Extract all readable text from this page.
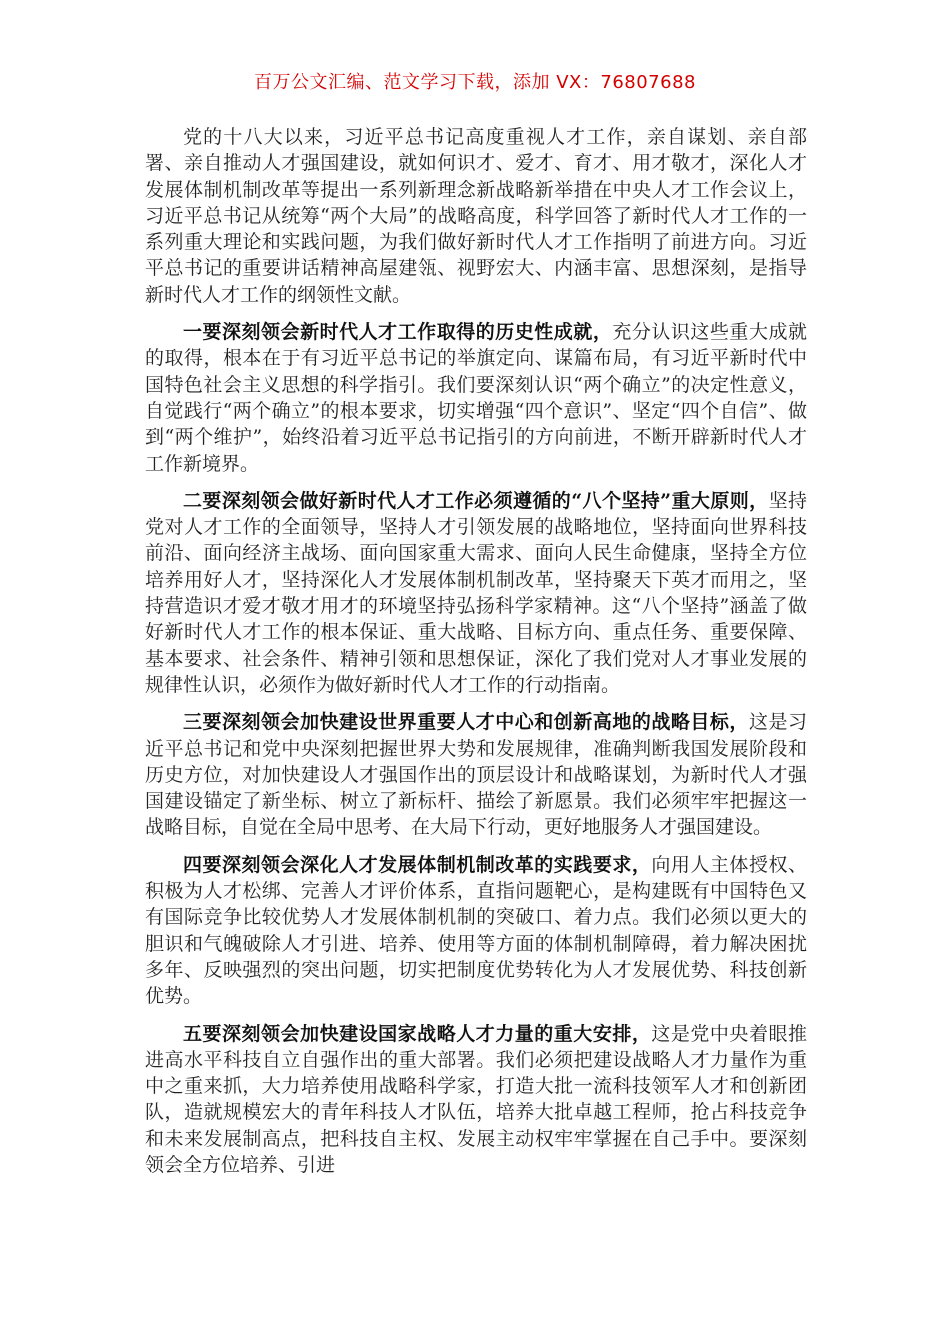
百万公文汇编、范文学习下载，添加 VX：76807688

党的十八大以来，习近平总书记高度重视人才工作，亲自谋划、亲自部署、亲自推动人才强国建设，就如何识才、爱才、育才、用才敬才，深化人才发展体制机制改革等提出一系列新理念新战略新举措在中央人才工作会议上，习近平总书记从统筹“两个大局”的战略高度，科学回答了新时代人才工作的一系列重大理论和实践问题，为我们做好新时代人才工作指明了前进方向。习近平总书记的重要讲话精神高屋建瓴、视野宏大、内涵丰富、思想深刻，是指导新时代人才工作的纲领性文献。

一要深刻领会新时代人才工作取得的历史性成就，充分认识这些重大成就的取得，根本在于有习近平总书记的举旗定向、谋篇布局，有习近平新时代中国特色社会主义思想的科学指引。我们要深刻认识“两个确立”的决定性意义，自觉践行“两个确立”的根本要求，切实增强“四个意识”、坚定“四个自信”、做到“两个维护”，始终沿着习近平总书记指引的方向前进，不断开辟新时代人才工作新境界。

二要深刻领会做好新时代人才工作必须遵循的“八个坚持”重大原则，坚持党对人才工作的全面领导，坚持人才引领发展的战略地位，坚持面向世界科技前沿、面向经济主战场、面向国家重大需求、面向人民生命健康，坚持全方位培养用好人才，坚持深化人才发展体制机制改革，坚持聚天下英才而用之，坚持营造识才爱才敬才用才的环境坚持弘扬科学家精神。这“八个坚持”涵盖了做好新时代人才工作的根本保证、重大战略、目标方向、重点任务、重要保障、基本要求、社会条件、精神引领和思想保证，深化了我们党对人才事业发展的规律性认识，必须作为做好新时代人才工作的行动指南。

三要深刻领会加快建设世界重要人才中心和创新高地的战略目标，这是习近平总书记和党中央深刻把握世界大势和发展规律，准确判断我国发展阶段和历史方位，对加快建设人才强国作出的顶层设计和战略谋划，为新时代人才强国建设锚定了新坐标、树立了新标杆、描绘了新愿景。我们必须牢牢把握这一战略目标，自觉在全局中思考、在大局下行动，更好地服务人才强国建设。

四要深刻领会深化人才发展体制机制改革的实践要求，向用人主体授权、积极为人才松绑、完善人才评价体系，直指问题靶心，是构建既有中国特色又有国际竞争比较优势人才发展体制机制的突破口、着力点。我们必须以更大的胆识和气魄破除人才引进、培养、使用等方面的体制机制障碍，着力解决困扰多年、反映强烈的突出问题，切实把制度优势转化为人才发展优势、科技创新优势。

五要深刻领会加快建设国家战略人才力量的重大安排，这是党中央着眼推进高水平科技自立自强作出的重大部署。我们必须把建设战略人才力量作为重中之重来抓，大力培养使用战略科学家，打造大批一流科技领军人才和创新团队，造就规模宏大的青年科技人才队伍，培养大批卓越工程师，抢占科技竞争和未来发展制高点，把科技自主权、发展主动权牢牢掌握在自己手中。要深刻领会全方位培养、引进
